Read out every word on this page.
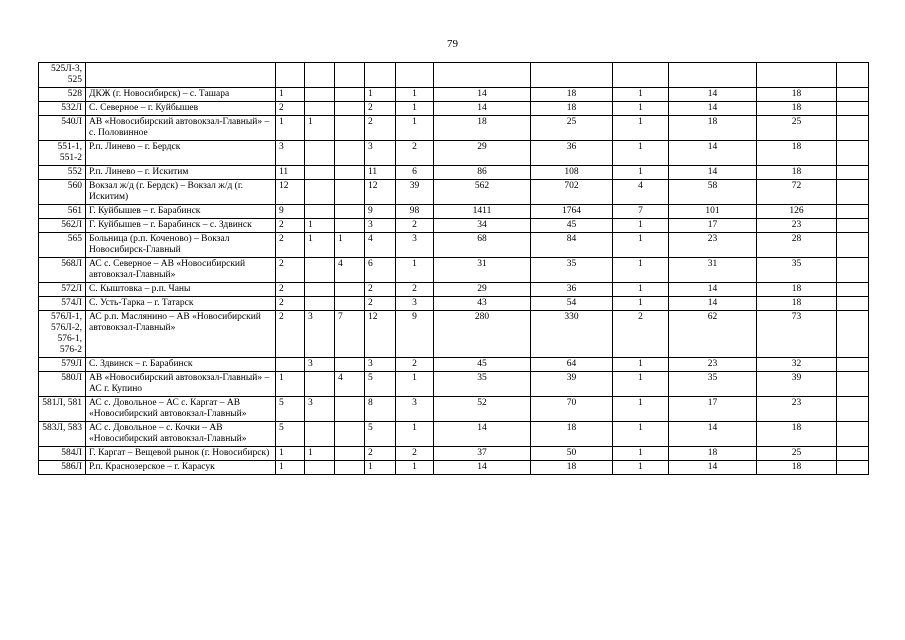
79
525Л-3, 525												
528	ДКЖ (г. Новосибирск) – с. Ташара	1			1	1	14	18	1	14	18	
532Л	С. Северное – г. Куйбышев	2			2	1	14	18	1	14	18	
540Л	АВ «Новосибирский автовокзал-Главный» – с. Половинное	1	1		2	1	18	25	1	18	25	
551-1, 551-2	Р.п. Линево – г. Бердск	3			3	2	29	36	1	14	18	
552	Р.п. Линево – г. Искитим	11			11	6	86	108	1	14	18	
560	Вокзал ж/д (г. Бердск) – Вокзал ж/д (г. Искитим)	12			12	39	562	702	4	58	72	
561	Г. Куйбышев – г. Барабинск	9			9	98	1411	1764	7	101	126	
562Л	Г. Куйбышев – г. Барабинск – с. Здвинск	2	1		3	2	34	45	1	17	23	
565	Больница (р.п. Коченово) – Вокзал Новосибирск-Главный	2	1	1	4	3	68	84	1	23	28	
568Л	АС с. Северное – АВ «Новосибирский автовокзал-Главный»	2		4	6	1	31	35	1	31	35	
572Л	С. Кыштовка – р.п. Чаны	2			2	2	29	36	1	14	18	
574Л	С. Усть-Тарка – г. Татарск	2			2	3	43	54	1	14	18	
576Л-1, 576Л-2, 576-1, 576-2	АС р.п. Маслянино – АВ «Новосибирский автовокзал-Главный»	2	3	7	12	9	280	330	2	62	73	
579Л	С. Здвинск – г. Барабинск		3		3	2	45	64	1	23	32	
580Л	АВ «Новосибирский автовокзал-Главный» – АС г. Купино	1		4	5	1	35	39	1	35	39	
581Л, 581	АС с. Довольное – АС с. Каргат – АВ «Новосибирский автовокзал-Главный»	5	3		8	3	52	70	1	17	23	
583Л, 583	АС с. Довольное – с. Кочки – АВ «Новосибирский автовокзал-Главный»	5			5	1	14	18	1	14	18	
584Л	Г. Каргат – Вещевой рынок (г. Новосибирск)	1	1		2	2	37	50	1	18	25	
586Л	Р.п. Краснозерское – г. Карасук	1			1	1	14	18	1	14	18	
